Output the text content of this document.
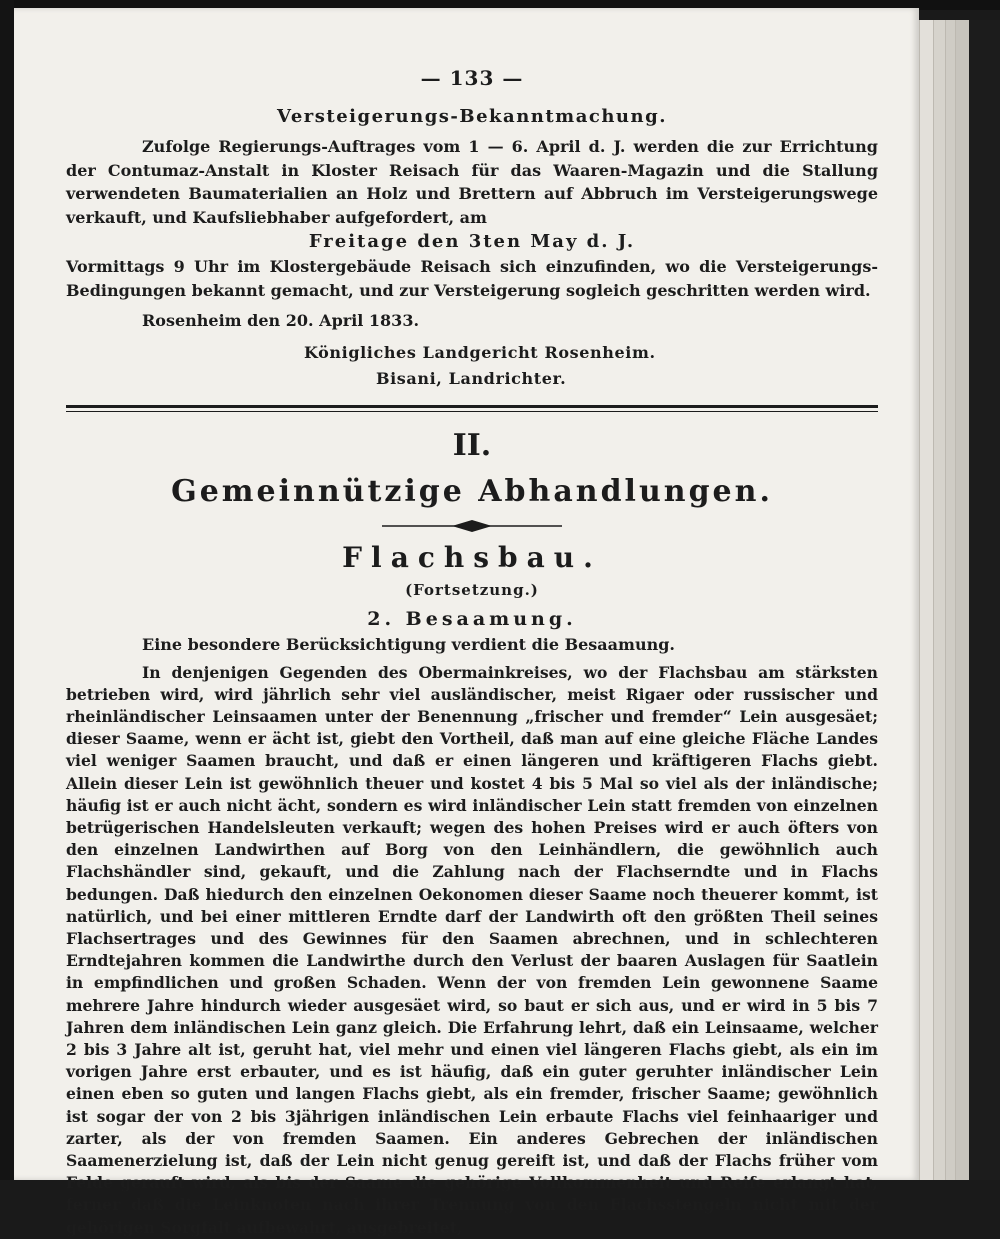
— 133 —
Versteigerungs-Bekanntmachung.

Zufolge Regierungs-Auftrages vom 1 — 6. April d. J. werden die zur Errichtung der Contumaz-Anstalt in Kloster Reisach für das Waaren-Magazin und die Stallung verwendeten Baumaterialien an Holz und Brettern auf Abbruch im Versteigerungswege verkauft, und Kaufsliebhaber aufgefordert, am

Freitage den 3ten May d. J.

Vormittags 9 Uhr im Klostergebäude Reisach sich einzufinden, wo die Versteigerungs-Bedingungen bekannt gemacht, und zur Versteigerung sogleich geschritten werden wird.

Rosenheim den 20. April 1833.
Königliches Landgericht Rosenheim.
Bisani, Landrichter.
II.
Gemeinnützige Abhandlungen.
Flachsbau.
(Fortsetzung.)
2. Besaamung.
Eine besondere Berücksichtigung verdient die Besaamung.

In denjenigen Gegenden des Obermainkreises, wo der Flachsbau am stärksten betrieben wird, wird jährlich sehr viel ausländischer, meist Rigaer oder russischer und rheinländischer Leinsaamen unter der Benennung „frischer und fremder“ Lein ausgesäet; dieser Saame, wenn er ächt ist, giebt den Vortheil, daß man auf eine gleiche Fläche Landes viel weniger Saamen braucht, und daß er einen längeren und kräftigeren Flachs giebt. Allein dieser Lein ist gewöhnlich theuer und kostet 4 bis 5 Mal so viel als der inländische; häufig ist er auch nicht ächt, sondern es wird inländischer Lein statt fremden von einzelnen betrügerischen Handelsleuten verkauft; wegen des hohen Preises wird er auch öfters von den einzelnen Landwirthen auf Borg von den Leinhändlern, die gewöhnlich auch Flachshändler sind, gekauft, und die Zahlung nach der Flachserndte und in Flachs bedungen. Daß hiedurch den einzelnen Oekonomen dieser Saame noch theuerer kommt, ist natürlich, und bei einer mittleren Erndte darf der Landwirth oft den größten Theil seines Flachsertrages und des Gewinnes für den Saamen abrechnen, und in schlechteren Erndtejahren kommen die Landwirthe durch den Verlust der baaren Auslagen für Saatlein in empfindlichen und großen Schaden. Wenn der von fremden Lein gewonnene Saame mehrere Jahre hindurch wieder ausgesäet wird, so baut er sich aus, und er wird in 5 bis 7 Jahren dem inländischen Lein ganz gleich. Die Erfahrung lehrt, daß ein Leinsaame, welcher 2 bis 3 Jahre alt ist, geruht hat, viel mehr und einen viel längeren Flachs giebt, als ein im vorigen Jahre erst erbauter, und es ist häufig, daß ein guter geruhter inländischer Lein einen eben so guten und langen Flachs giebt, als ein fremder, frischer Saame; gewöhnlich ist sogar der von 2 bis 3jährigen inländischen Lein erbaute Flachs viel feinhaariger und zarter, als der von fremden Saamen. Ein anderes Gebrechen der inländischen Saamenerzielung ist, daß der Lein nicht genug gereift ist, und daß der Flachs früher vom Felde gerauft wird, als bis der Saame die gehörige Vollkommenheit und Reife erlangt hat, ferner daß die Leinknoten nach ihrer Trennung von den Flachsstengeln nicht mit der gehörigen Sorgfalt aufbewahrt, ausgebreitet,
